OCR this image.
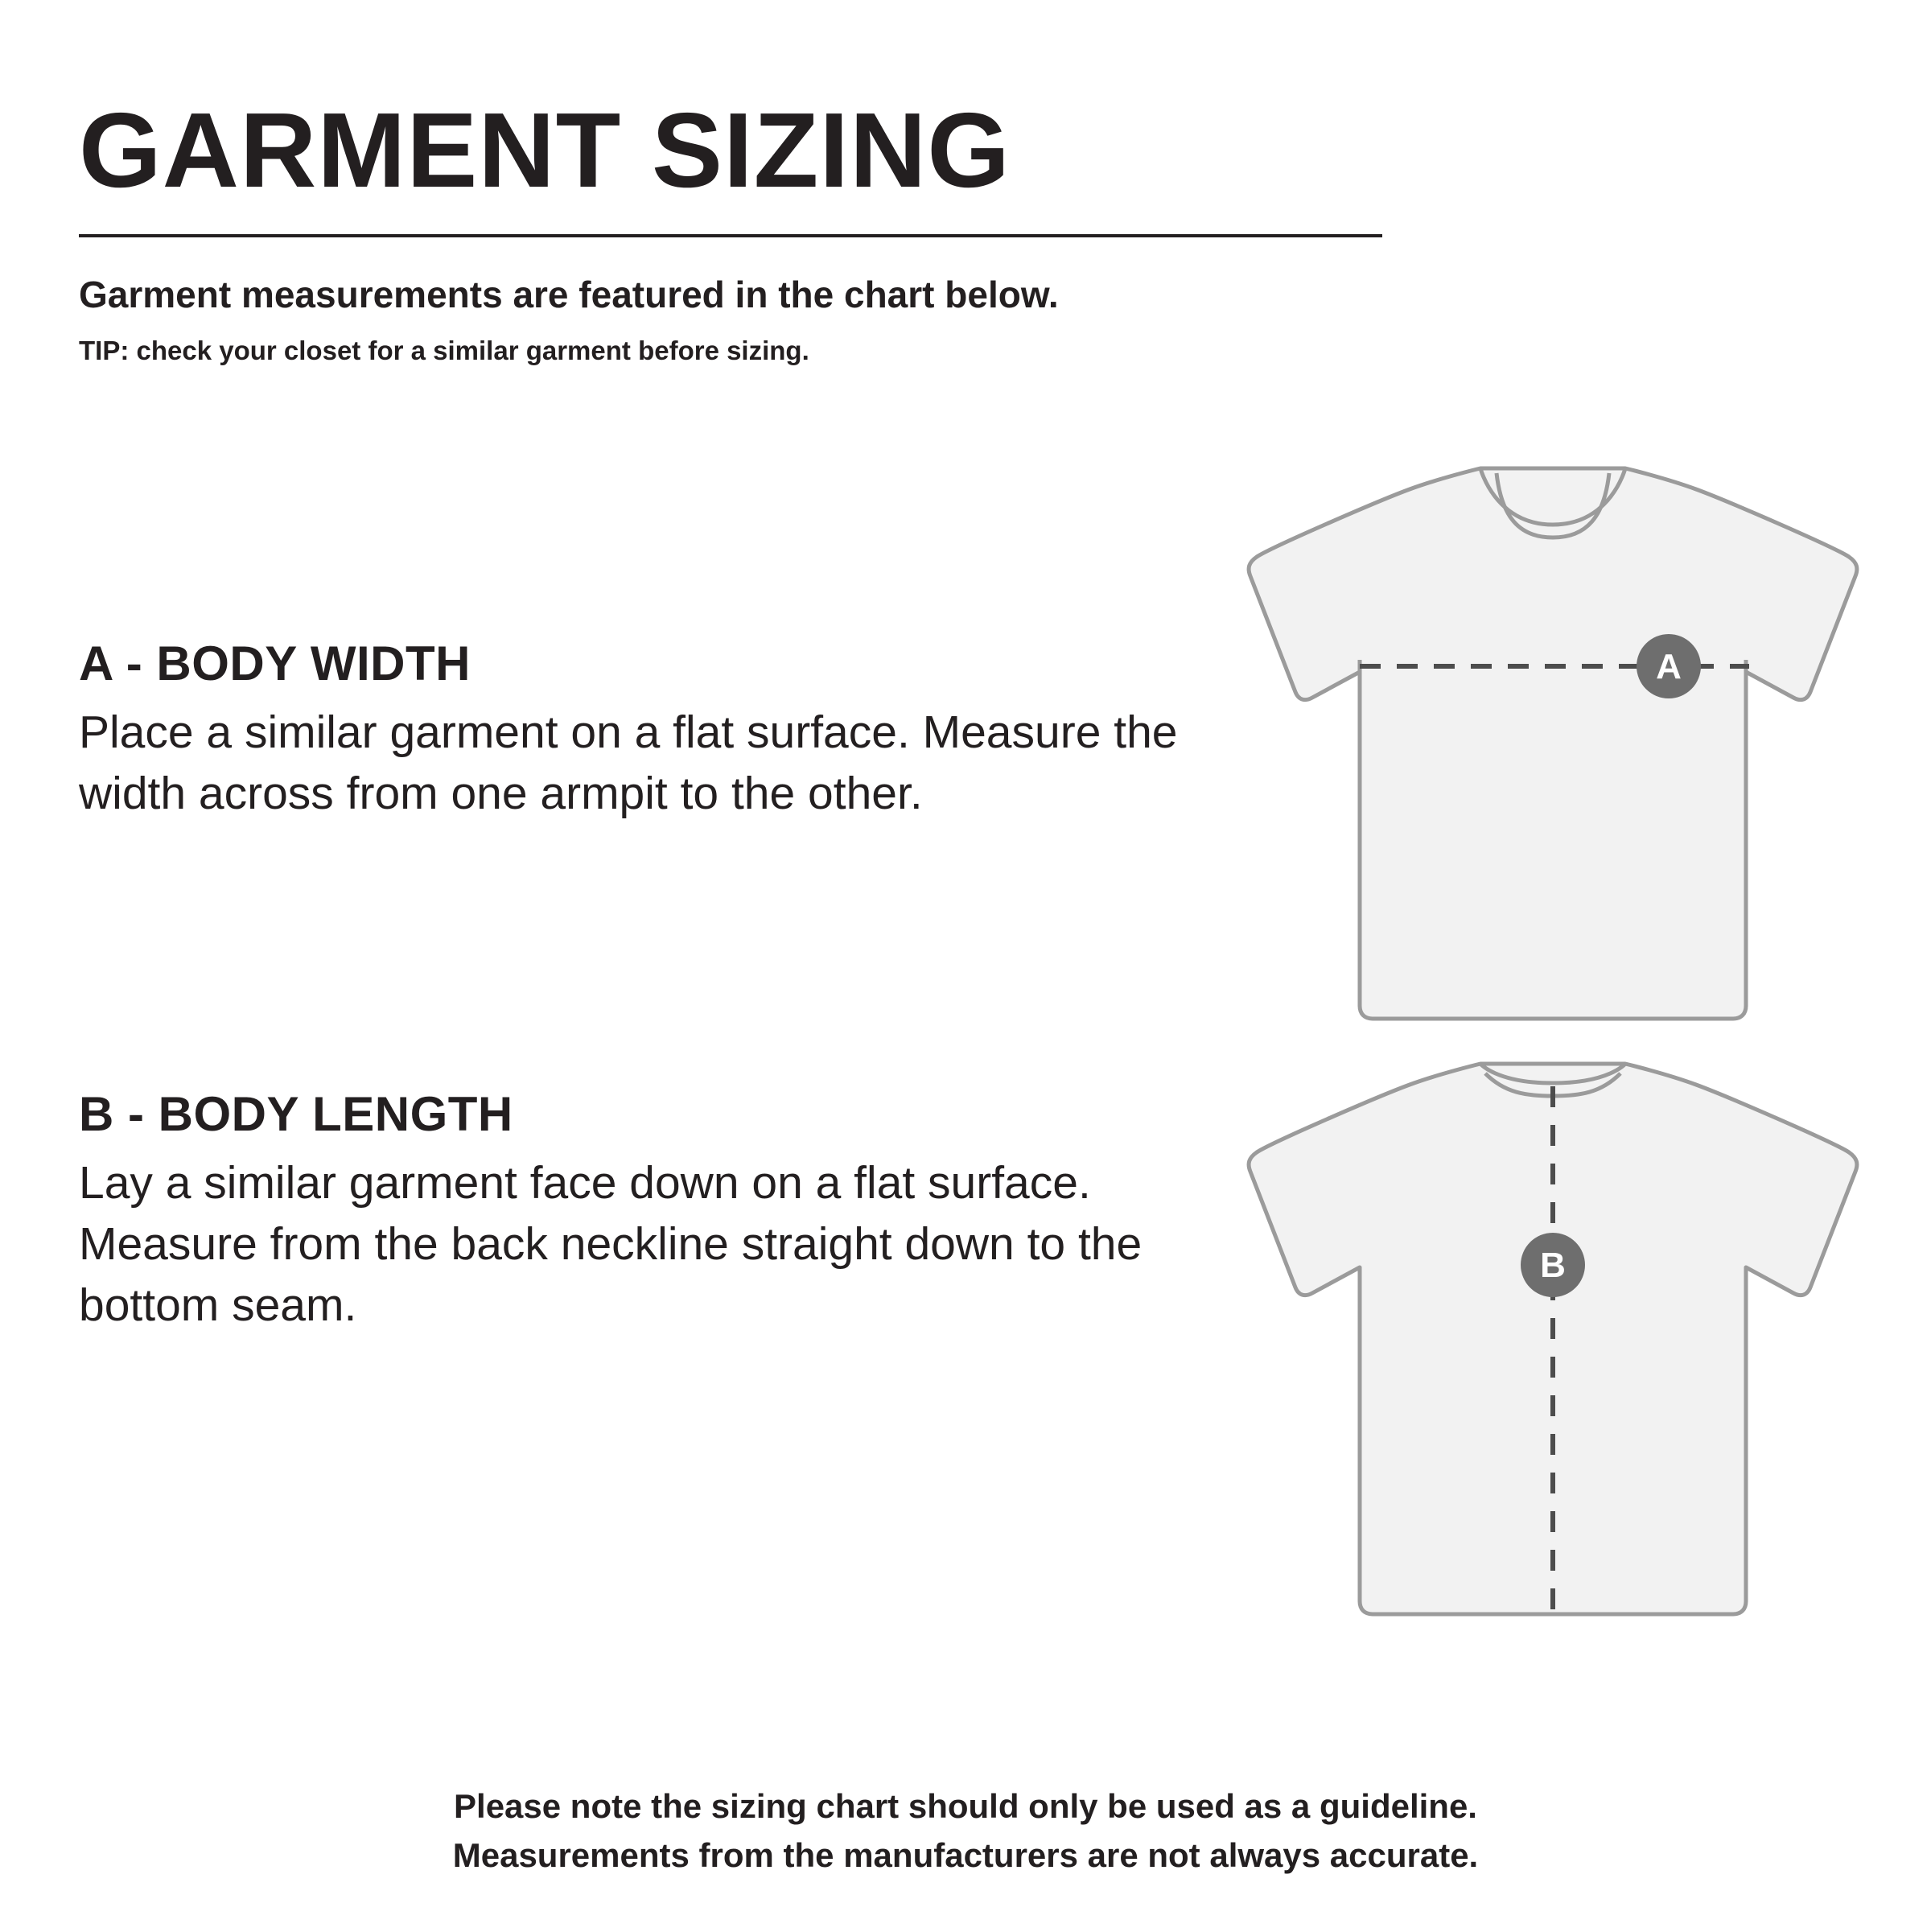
GARMENT SIZING
Garment measurements are featured in the chart below.
TIP: check your closet for a similar garment before sizing.
A - BODY WIDTH
Place a similar garment on a flat surface. Measure the width across from one armpit to the other.
B - BODY LENGTH
Lay a similar garment face down on a flat surface. Measure from the back neckline straight down to the bottom seam.
A
B
Please note the sizing chart should only be used as a guideline.
Measurements from the manufacturers are not always accurate.
